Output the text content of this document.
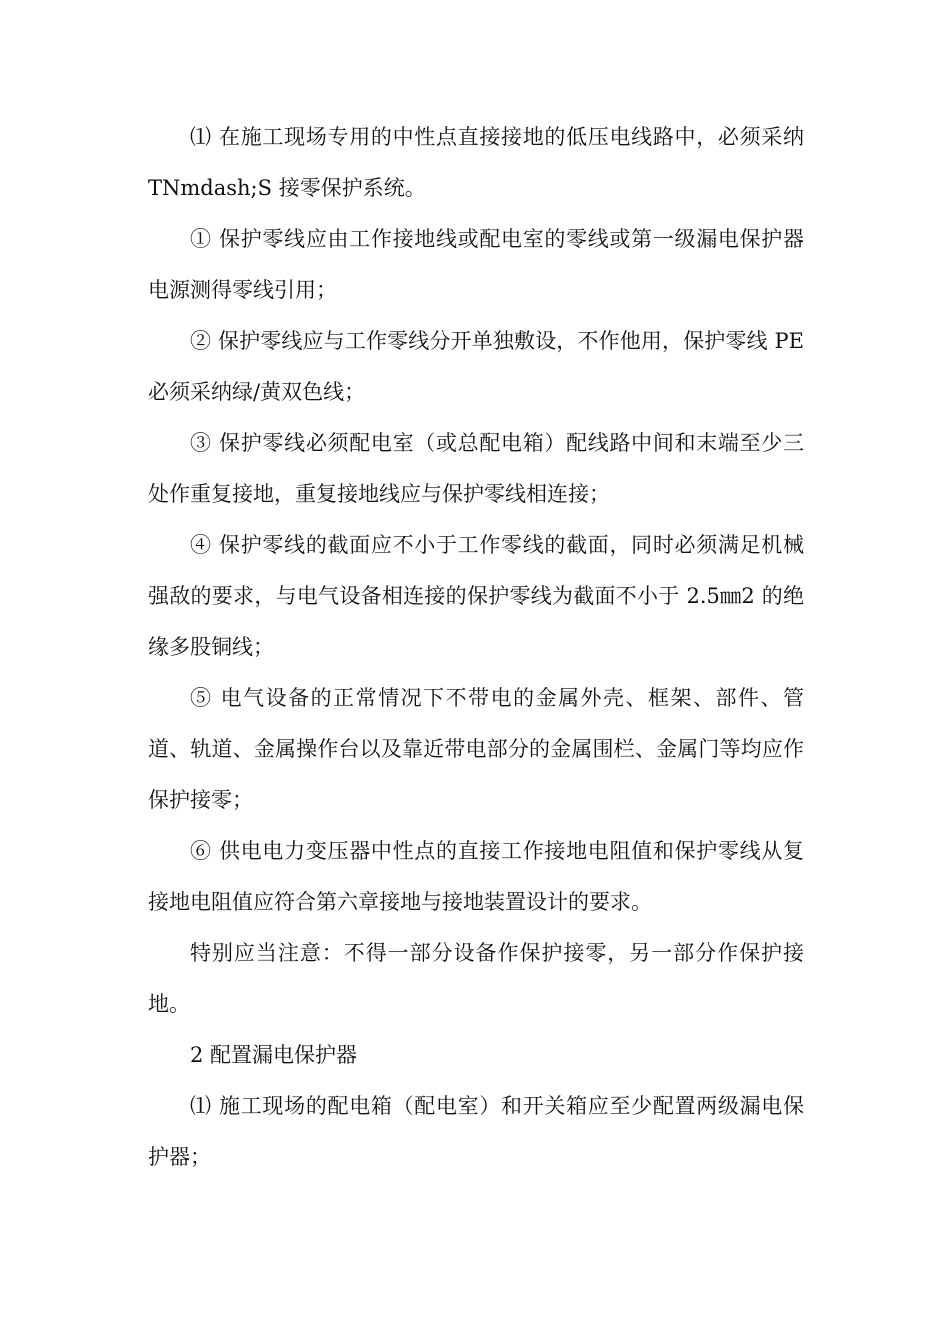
⑴ 在施工现场专用的中性点直接接地的低压电线路中，必须采纳 TNmdash;S 接零保护系统。

① 保护零线应由工作接地线或配电室的零线或第一级漏电保护器电源测得零线引用；

② 保护零线应与工作零线分开单独敷设，不作他用，保护零线 PE 必须采纳绿/黄双色线；

③ 保护零线必须配电室（或总配电箱）配线路中间和末端至少三处作重复接地，重复接地线应与保护零线相连接；

④ 保护零线的截面应不小于工作零线的截面，同时必须满足机械强敌的要求，与电气设备相连接的保护零线为截面不小于 2.5㎜2 的绝缘多股铜线；

⑤ 电气设备的正常情况下不带电的金属外壳、框架、部件、管道、轨道、金属操作台以及靠近带电部分的金属围栏、金属门等均应作保护接零；

⑥ 供电电力变压器中性点的直接工作接地电阻值和保护零线从复接地电阻值应符合第六章接地与接地装置设计的要求。

特别应当注意：不得一部分设备作保护接零，另一部分作保护接地。

2 配置漏电保护器

⑴ 施工现场的配电箱（配电室）和开关箱应至少配置两级漏电保护器；
